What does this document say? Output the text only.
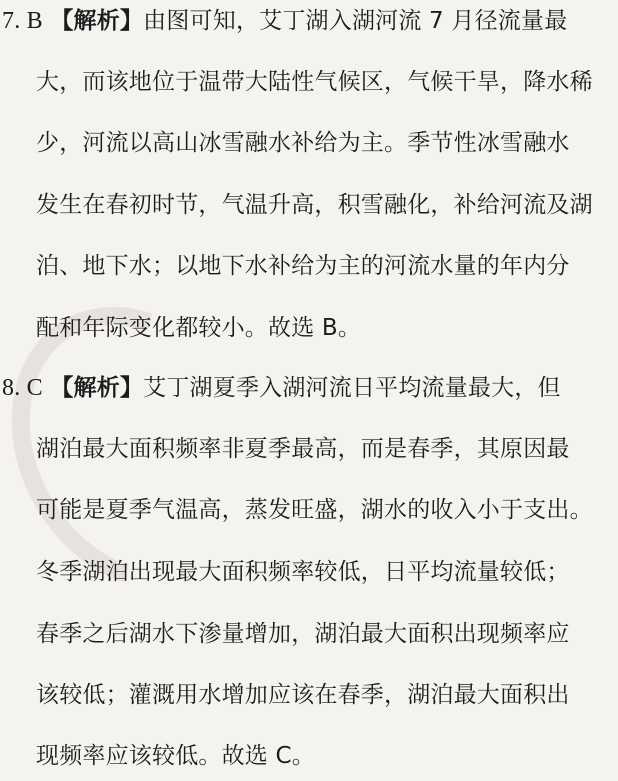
7. B 【解析】由图可知，艾丁湖入湖河流 7 月径流量最
大，而该地位于温带大陆性气候区，气候干旱，降水稀
少，河流以高山冰雪融水补给为主。季节性冰雪融水
发生在春初时节，气温升高，积雪融化，补给河流及湖
泊、地下水；以地下水补给为主的河流水量的年内分
配和年际变化都较小。故选 B。
8. C 【解析】艾丁湖夏季入湖河流日平均流量最大，但
湖泊最大面积频率非夏季最高，而是春季，其原因最
可能是夏季气温高，蒸发旺盛，湖水的收入小于支出。
冬季湖泊出现最大面积频率较低，日平均流量较低；
春季之后湖水下渗量增加，湖泊最大面积出现频率应
该较低；灌溉用水增加应该在春季，湖泊最大面积出
现频率应该较低。故选 C。
